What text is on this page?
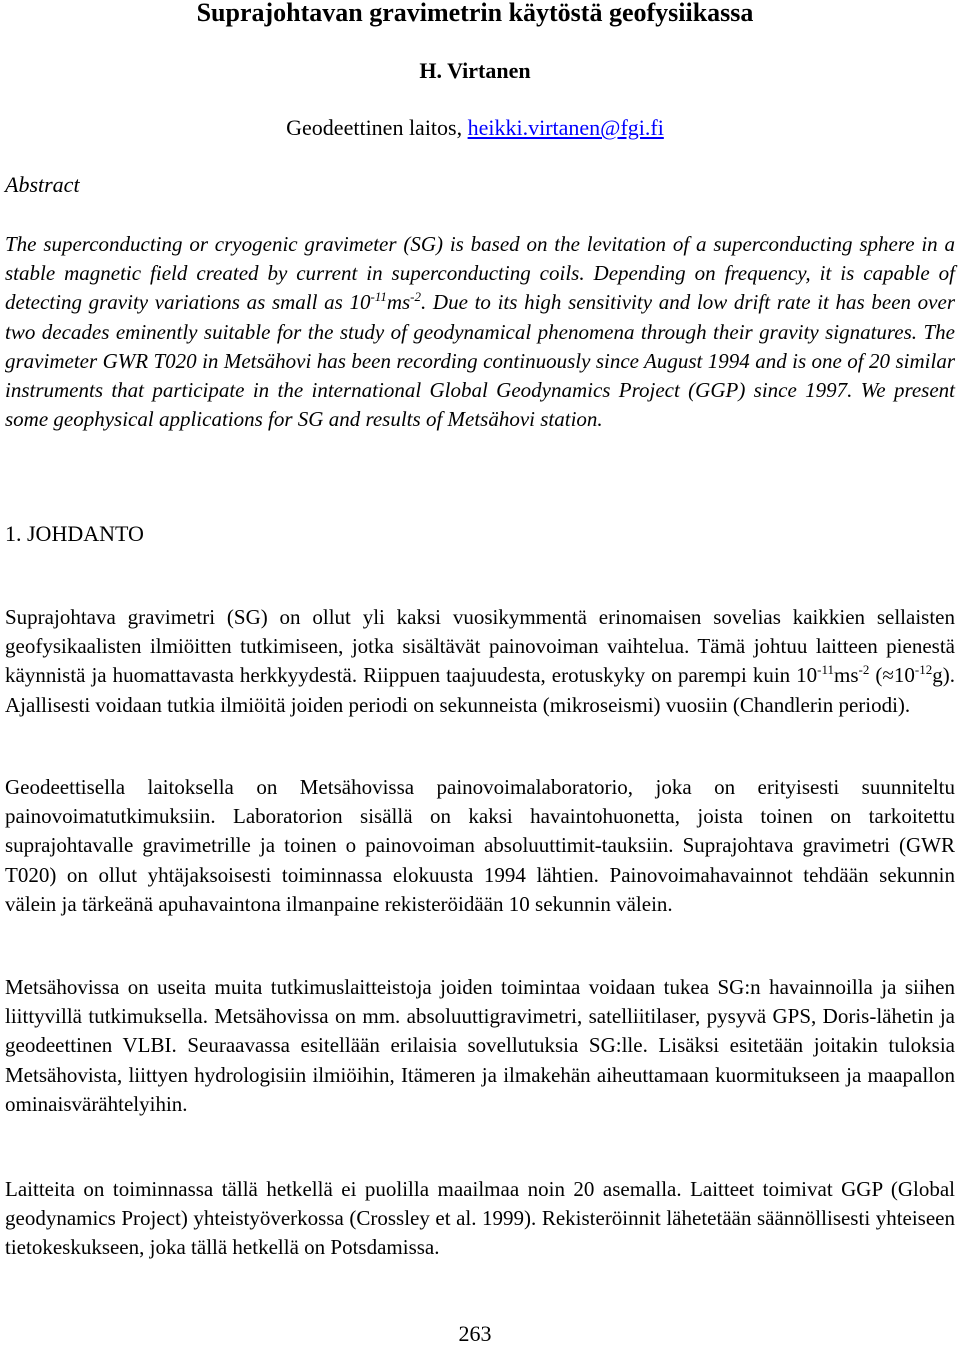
Suprajohtavan gravimetrin käytöstä geofysiikassa
H. Virtanen
Geodeettinen laitos, heikki.virtanen@fgi.fi
Abstract

The superconducting or cryogenic gravimeter (SG) is based on the levitation of a superconducting sphere in a stable magnetic field created by current in superconducting coils. Depending on frequency, it is capable of detecting gravity variations as small as $10^{-11}ms^{-2}$. Due to its high sensitivity and low drift rate it has been over two decades eminently suitable for the study of geodynamical phenomena through their gravity signatures. The gravimeter GWR T020 in Metsähovi has been recording continuously since August 1994 and is one of 20 similar instruments that participate in the international Global Geodynamics Project (GGP) since 1997. We present some geophysical applications for SG and results of Metsähovi station.

1. JOHDANTO

Suprajohtava gravimetri (SG) on ollut yli kaksi vuosikymmentä erinomaisen sovelias kaikkien sellaisten geofysikaalisten ilmiöitten tutkimiseen, jotka sisältävät painovoiman vaihtelua. Tämä johtuu laitteen pienestä käynnistä ja huomattavasta herkkyydestä. Riippuen taajuudesta, erotuskyky on parempi kuin $10^{-11}ms^{-2}$ $(\approx 10^{-12}g)$. Ajallisesti voidaan tutkia ilmiöitä joiden periodi on sekunneista (mikroseismi) vuosiin (Chandlerin periodi).

Geodeettisella laitoksella on Metsähovissa painovoimalaboratorio, joka on erityisesti suunniteltu painovoimatutkimuksiin. Laboratorion sisällä on kaksi havaintohuonetta, joista toinen on tarkoitettu suprajohtavalle gravimetrille ja toinen o painovoiman absoluuttimit-tauksiin. Suprajohtava gravimetri (GWR T020) on ollut yhtäjaksoisesti toiminnassa elokuusta 1994 lähtien. Painovoimahavainnot tehdään sekunnin välein ja tärkeänä apuhavaintona ilmanpaine rekisteröidään 10 sekunnin välein.

Metsähovissa on useita muita tutkimuslaitteistoja joiden toimintaa voidaan tukea SG:n havainnoilla ja siihen liittyvillä tutkimuksella. Metsähovissa on mm. absoluuttigravimetri, satelliitilaser, pysyvä GPS, Doris-lähetin ja geodeettinen VLBI. Seuraavassa esitellään erilaisia sovellutuksia SG:lle. Lisäksi esitetään joitakin tuloksia Metsähovista, liittyen hydrologisiin ilmiöihin, Itämeren ja ilmakehän aiheuttamaan kuormitukseen ja maapallon ominaisvärähtelyihin.

Laitteita on toiminnassa tällä hetkellä ei puolilla maailmaa noin 20 asemalla. Laitteet toimivat GGP (Global geodynamics Project) yhteistyöverkossa (Crossley et al. 1999). Rekisteröinnit lähetetään säännöllisesti yhteiseen tietokeskukseen, joka tällä hetkellä on Potsdamissa.

263
